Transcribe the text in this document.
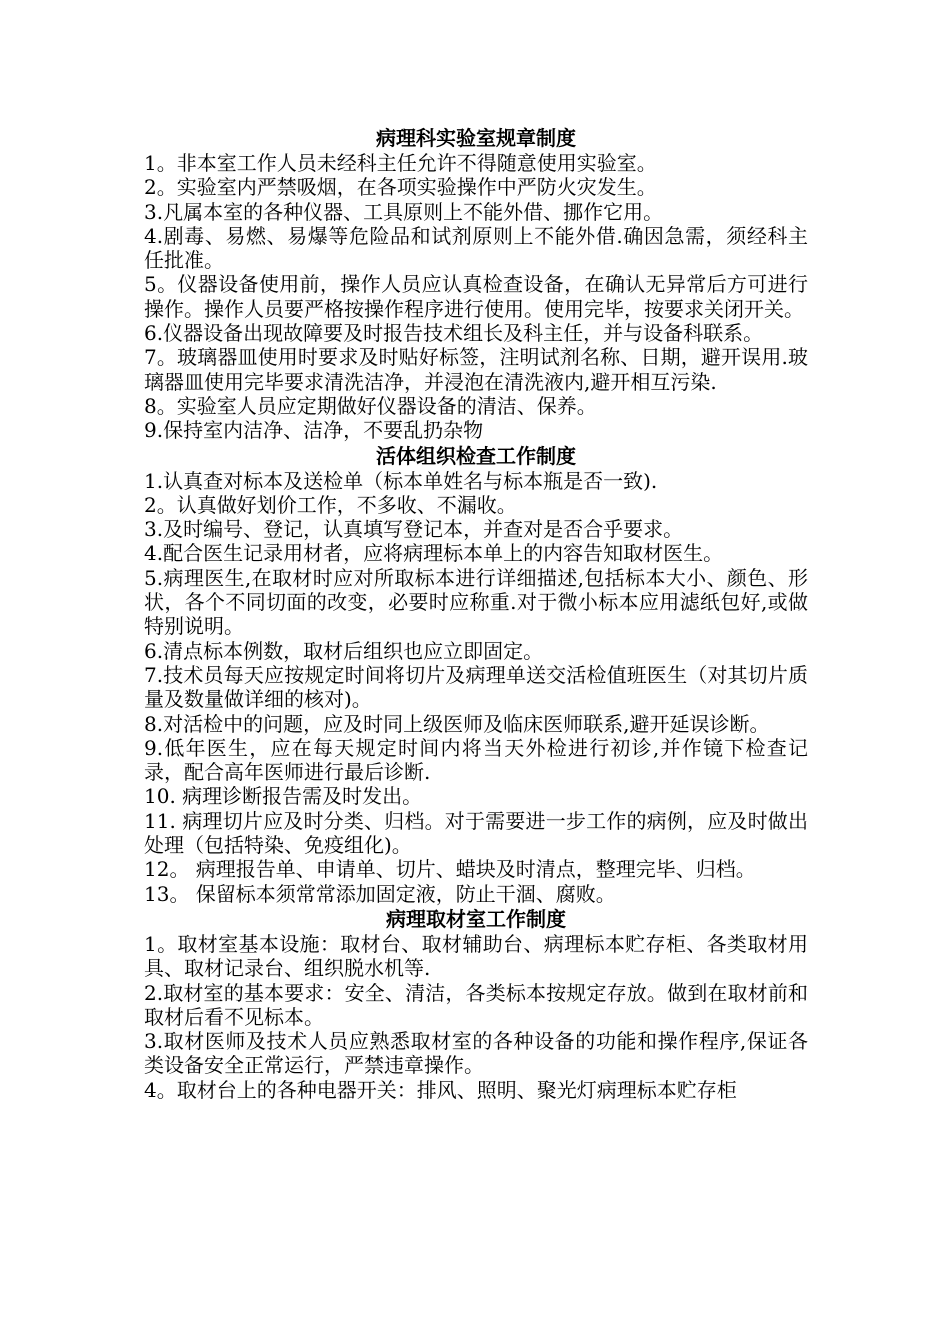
病理科实验室规章制度

1。非本室工作人员未经科主任允许不得随意使用实验室。

2。实验室内严禁吸烟，在各项实验操作中严防火灾发生。

3.凡属本室的各种仪器、工具原则上不能外借、挪作它用。

4.剧毒、易燃、易爆等危险品和试剂原则上不能外借.确因急需，须经科主任批准。

5。仪器设备使用前，操作人员应认真检查设备，在确认无异常后方可进行操作。操作人员要严格按操作程序进行使用。使用完毕，按要求关闭开关。

6.仪器设备出现故障要及时报告技术组长及科主任，并与设备科联系。

7。玻璃器皿使用时要求及时贴好标签，注明试剂名称、日期，避开误用.玻璃器皿使用完毕要求清洗洁净，并浸泡在清洗液内,避开相互污染.

8。实验室人员应定期做好仪器设备的清洁、保养。

9.保持室内洁净、洁净，不要乱扔杂物

活体组织检查工作制度

1.认真查对标本及送检单（标本单姓名与标本瓶是否一致).

2。认真做好划价工作，不多收、不漏收。

3.及时编号、登记，认真填写登记本，并查对是否合乎要求。

4.配合医生记录用材者，应将病理标本单上的内容告知取材医生。

5.病理医生,在取材时应对所取标本进行详细描述,包括标本大小、颜色、形状，各个不同切面的改变，必要时应称重.对于微小标本应用滤纸包好,或做特别说明。

6.清点标本例数，取材后组织也应立即固定。

7.技术员每天应按规定时间将切片及病理单送交活检值班医生（对其切片质量及数量做详细的核对)。

8.对活检中的问题，应及时同上级医师及临床医师联系,避开延误诊断。

9.低年医生，应在每天规定时间内将当天外检进行初诊,并作镜下检查记录，配合高年医师进行最后诊断.

10. 病理诊断报告需及时发出。

11. 病理切片应及时分类、归档。对于需要进一步工作的病例，应及时做出处理（包括特染、免疫组化)。

12。 病理报告单、申请单、切片、蜡块及时清点，整理完毕、归档。

13。 保留标本须常常添加固定液，防止干涸、腐败。

病理取材室工作制度

1。取材室基本设施：取材台、取材辅助台、病理标本贮存柜、各类取材用具、取材记录台、组织脱水机等.

2.取材室的基本要求：安全、清洁，各类标本按规定存放。做到在取材前和取材后看不见标本。

3.取材医师及技术人员应熟悉取材室的各种设备的功能和操作程序,保证各类设备安全正常运行，严禁违章操作。

4。取材台上的各种电器开关：排风、照明、聚光灯病理标本贮存柜
